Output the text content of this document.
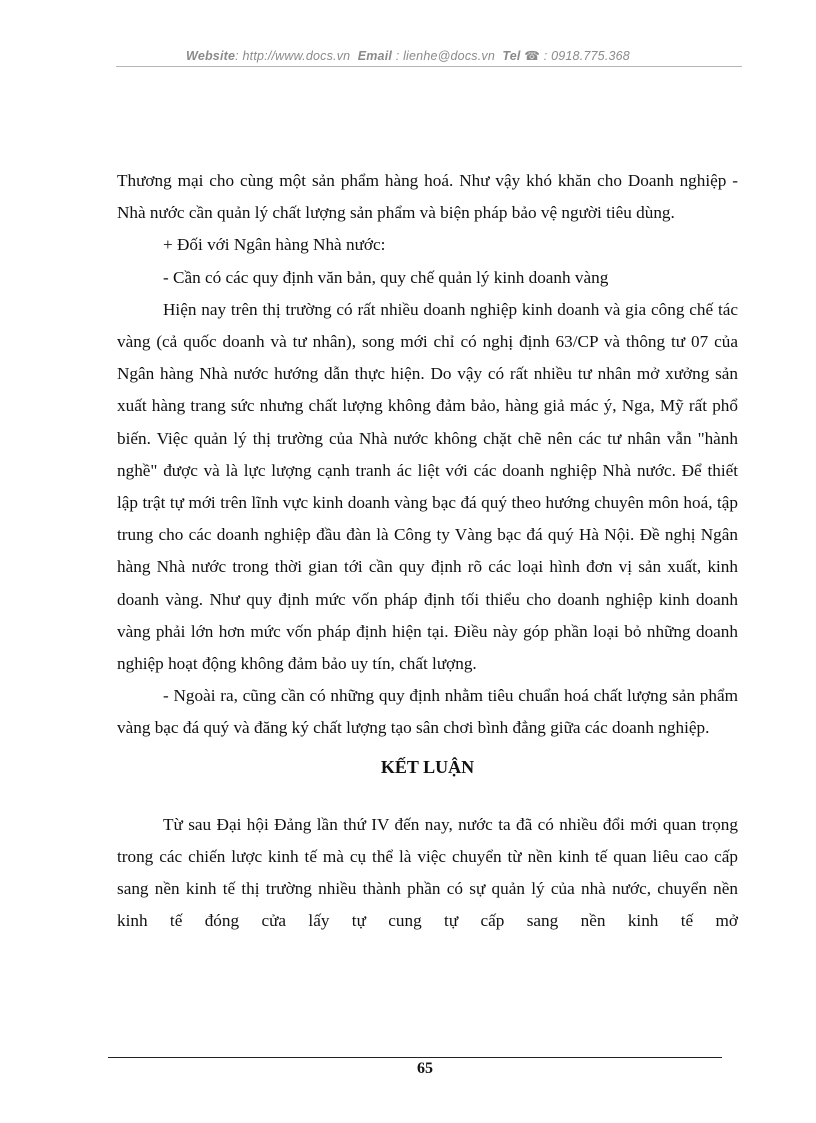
Website: http://www.docs.vn Email : lienhe@docs.vn Tel ☎ : 0918.775.368

Thương mại cho cùng một sản phẩm hàng hoá. Như vậy khó khăn cho Doanh nghiệp - Nhà nước cần quản lý chất lượng sản phẩm và biện pháp bảo vệ người tiêu dùng.

+ Đối với Ngân hàng Nhà nước:

- Cần có các quy định văn bản, quy chế quản lý kinh doanh vàng

Hiện nay trên thị trường có rất nhiều doanh nghiệp kinh doanh và gia công chế tác vàng (cả quốc doanh và tư nhân), song mới chỉ có nghị định 63/CP và thông tư 07 của Ngân hàng Nhà nước hướng dẫn thực hiện. Do vậy có rất nhiều tư nhân mở xưởng sản xuất hàng trang sức nhưng chất lượng không đảm bảo, hàng giả mác ý, Nga, Mỹ rất phổ biến. Việc quản lý thị trường của Nhà nước không chặt chẽ nên các tư nhân vẫn "hành nghề" được và là lực lượng cạnh tranh ác liệt với các doanh nghiệp Nhà nước. Để thiết lập trật tự mới trên lĩnh vực kinh doanh vàng bạc đá quý theo hướng chuyên môn hoá, tập trung cho các doanh nghiệp đầu đàn là Công ty Vàng bạc đá quý Hà Nội. Đề nghị Ngân hàng Nhà nước trong thời gian tới cần quy định rõ các loại hình đơn vị sản xuất, kinh doanh vàng. Như quy định mức vốn pháp định tối thiểu cho doanh nghiệp kinh doanh vàng phải lớn hơn mức vốn pháp định hiện tại. Điều này góp phần loại bỏ những doanh nghiệp hoạt động không đảm bảo uy tín, chất lượng.

- Ngoài ra, cũng cần có những quy định nhằm tiêu chuẩn hoá chất lượng sản phẩm vàng bạc đá quý và đăng ký chất lượng tạo sân chơi bình đẳng giữa các doanh nghiệp.

KẾT LUẬN

Từ sau Đại hội Đảng lần thứ IV đến nay, nước ta đã có nhiều đổi mới quan trọng trong các chiến lược kinh tế mà cụ thể là việc chuyển từ nền kinh tế quan liêu cao cấp sang nền kinh tế thị trường nhiều thành phần có sự quản lý của nhà nước, chuyển nền kinh tế đóng cửa lấy tự cung tự cấp sang nền kinh tế mở

65
